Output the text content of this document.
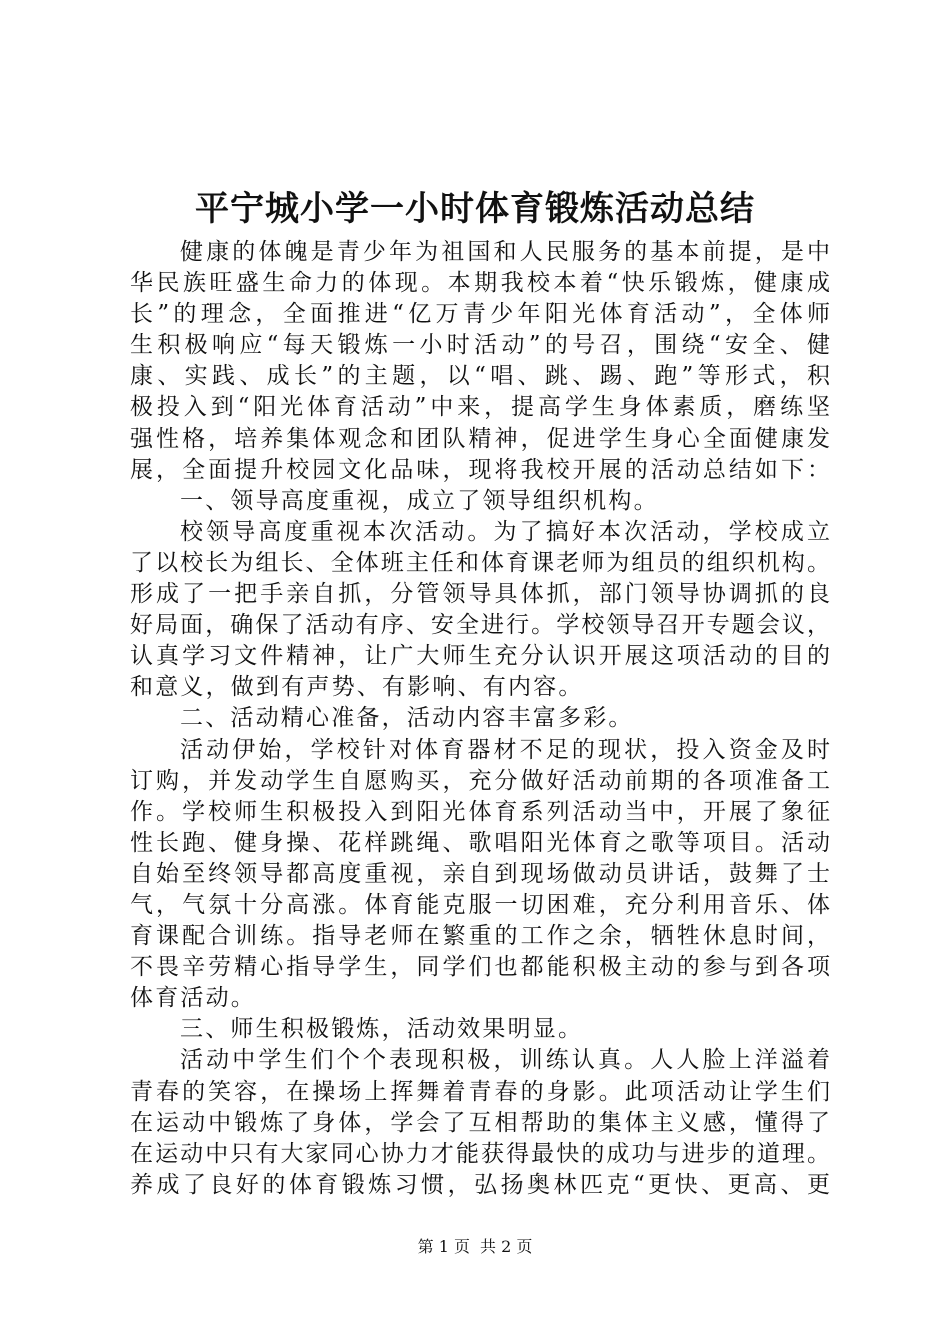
平宁城小学一小时体育锻炼活动总结
健康的体魄是青少年为祖国和人民服务的基本前提，是中
华民族旺盛生命力的体现。本期我校本着“快乐锻炼，健康成
长”的理念，全面推进“亿万青少年阳光体育活动”，全体师
生积极响应“每天锻炼一小时活动”的号召，围绕“安全、健
康、实践、成长”的主题，以“唱、跳、踢、跑”等形式，积
极投入到“阳光体育活动”中来，提高学生身体素质，磨练坚
强性格，培养集体观念和团队精神，促进学生身心全面健康发
展，全面提升校园文化品味，现将我校开展的活动总结如下：
一、领导高度重视，成立了领导组织机构。
校领导高度重视本次活动。为了搞好本次活动，学校成立
了以校长为组长、全体班主任和体育课老师为组员的组织机构。
形成了一把手亲自抓，分管领导具体抓，部门领导协调抓的良
好局面，确保了活动有序、安全进行。学校领导召开专题会议，
认真学习文件精神，让广大师生充分认识开展这项活动的目的
和意义，做到有声势、有影响、有内容。
二、活动精心准备，活动内容丰富多彩。
活动伊始，学校针对体育器材不足的现状，投入资金及时
订购，并发动学生自愿购买，充分做好活动前期的各项准备工
作。学校师生积极投入到阳光体育系列活动当中，开展了象征
性长跑、健身操、花样跳绳、歌唱阳光体育之歌等项目。活动
自始至终领导都高度重视，亲自到现场做动员讲话，鼓舞了士
气，气氛十分高涨。体育能克服一切困难，充分利用音乐、体
育课配合训练。指导老师在繁重的工作之余，牺牲休息时间，
不畏辛劳精心指导学生，同学们也都能积极主动的参与到各项
体育活动。
三、师生积极锻炼，活动效果明显。
活动中学生们个个表现积极，训练认真。人人脸上洋溢着
青春的笑容，在操场上挥舞着青春的身影。此项活动让学生们
在运动中锻炼了身体，学会了互相帮助的集体主义感，懂得了
在运动中只有大家同心协力才能获得最快的成功与进步的道理。
养成了良好的体育锻炼习惯，弘扬奥林匹克“更快、更高、更
第 1 页 共 2 页
